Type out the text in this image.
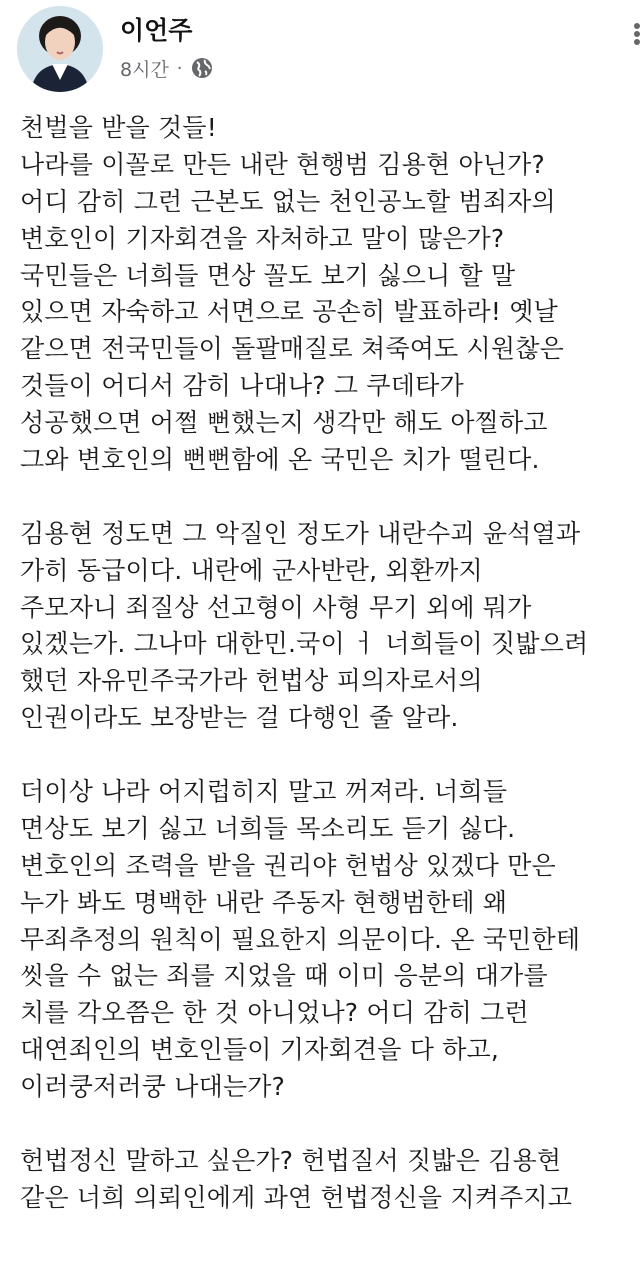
이언주
8시간 ·
천벌을 받을 것들!
나라를 이꼴로 만든 내란 현행범 김용현 아닌가?
어디 감히 그런 근본도 없는 천인공노할 범죄자의
변호인이 기자회견을 자처하고 말이 많은가?
국민들은 너희들 면상 꼴도 보기 싫으니 할 말
있으면 자숙하고 서면으로 공손히 발표하라! 옛날
같으면 전국민들이 돌팔매질로 쳐죽여도 시원찮은
것들이 어디서 감히 나대나? 그 쿠데타가
성공했으면 어쩔 뻔했는지 생각만 해도 아찔하고
그와 변호인의 뻔뻔함에 온 국민은 치가 떨린다.
김용현 정도면 그 악질인 정도가 내란수괴 윤석열과
가히 동급이다. 내란에 군사반란, 외환까지
주모자니 죄질상 선고형이 사형 무기 외에 뭐가
있겠는가. 그나마 대한민.국이 ㅓ 너희들이 짓밟으려
했던 자유민주국가라 헌법상 피의자로서의
인권이라도 보장받는 걸 다행인 줄 알라.
더이상 나라 어지럽히지 말고 꺼져라. 너희들
면상도 보기 싫고 너희들 목소리도 듣기 싫다.
변호인의 조력을 받을 권리야 헌법상 있겠다 만은
누가 봐도 명백한 내란 주동자 현행범한테 왜
무죄추정의 원칙이 필요한지 의문이다. 온 국민한테
씻을 수 없는 죄를 지었을 때 이미 응분의 대가를
치를 각오쯤은 한 것 아니었나? 어디 감히 그런
대연죄인의 변호인들이 기자회견을 다 하고,
이러쿵저러쿵 나대는가?
헌법정신 말하고 싶은가? 헌법질서 짓밟은 김용현
같은 너희 의뢰인에게 과연 헌법정신을 지켜주지고
